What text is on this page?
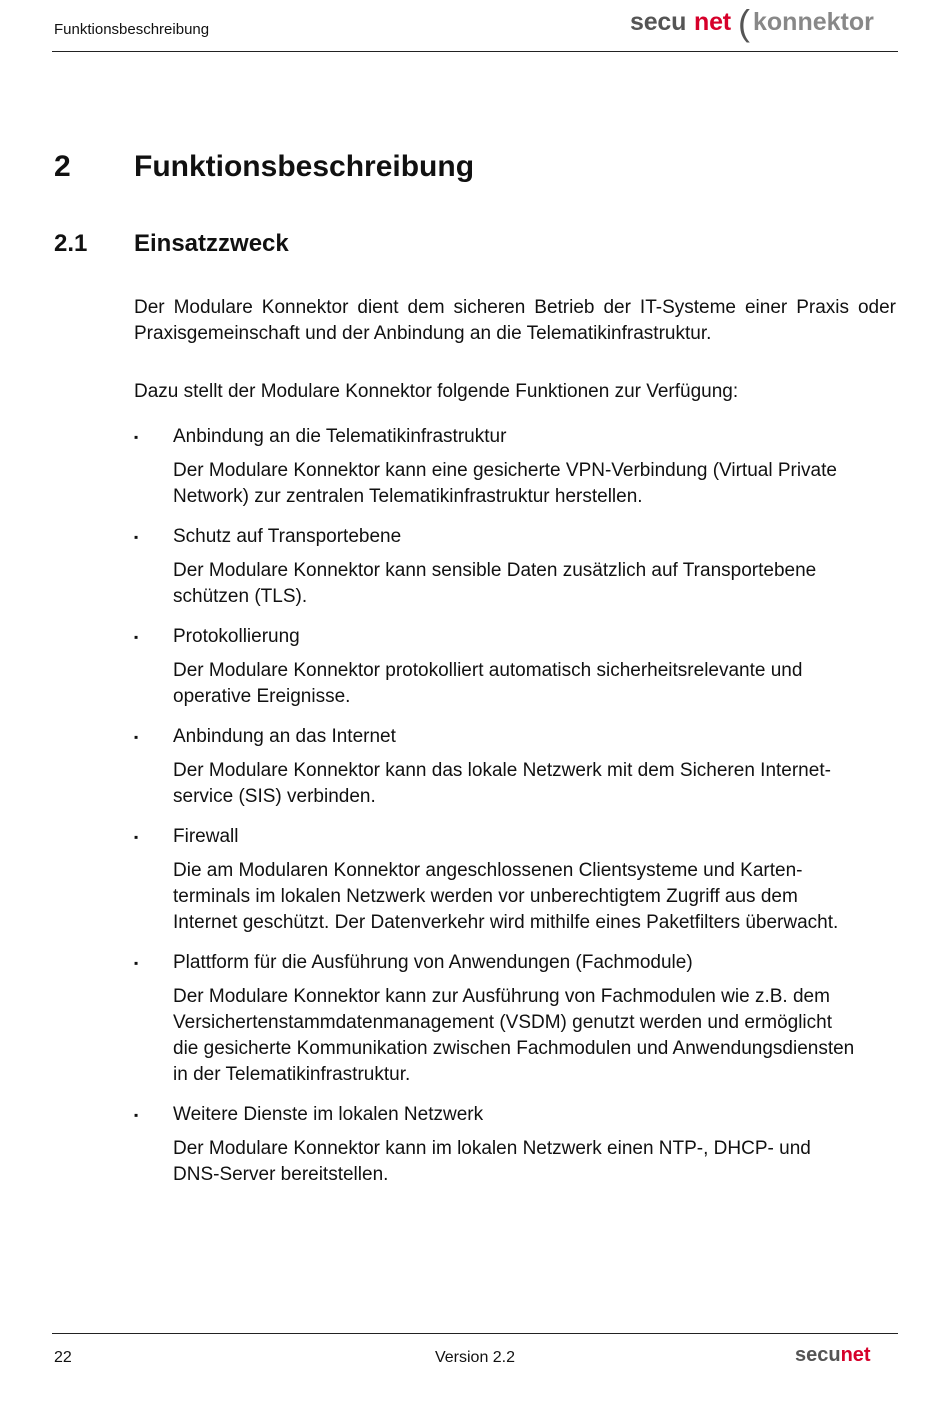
Funktionsbeschreibung	secu net ( konnektor
2 Funktionsbeschreibung
2.1 Einsatzzweck
Der Modulare Konnektor dient dem sicheren Betrieb der IT-Systeme einer Praxis oder Praxisgemeinschaft und der Anbindung an die Telematikinfrastruktur.
Dazu stellt der Modulare Konnektor folgende Funktionen zur Verfügung:
▪ Anbindung an die Telematikinfrastruktur
Der Modulare Konnektor kann eine gesicherte VPN-Verbindung (Virtual Private
Network) zur zentralen Telematikinfrastruktur herstellen.
▪ Schutz auf Transportebene
Der Modulare Konnektor kann sensible Daten zusätzlich auf Transportebene
schützen (TLS).
▪ Protokollierung
Der Modulare Konnektor protokolliert automatisch sicherheitsrelevante und
operative Ereignisse.
▪ Anbindung an das Internet
Der Modulare Konnektor kann das lokale Netzwerk mit dem Sicheren Internet-
service (SIS) verbinden.
▪ Firewall
Die am Modularen Konnektor angeschlossenen Clientsysteme und Karten-
terminals im lokalen Netzwerk werden vor unberechtigtem Zugriff aus dem
Internet geschützt. Der Datenverkehr wird mithilfe eines Paketfilters überwacht.
▪ Plattform für die Ausführung von Anwendungen (Fachmodule)
Der Modulare Konnektor kann zur Ausführung von Fachmodulen wie z.B. dem
Versichertenstammdatenmanagement (VSDM) genutzt werden und ermöglicht
die gesicherte Kommunikation zwischen Fachmodulen und Anwendungsdiensten
in der Telematikinfrastruktur.
▪ Weitere Dienste im lokalen Netzwerk
Der Modulare Konnektor kann im lokalen Netzwerk einen NTP-, DHCP- und
DNS-Server bereitstellen.
22	Version 2.2	secunet
